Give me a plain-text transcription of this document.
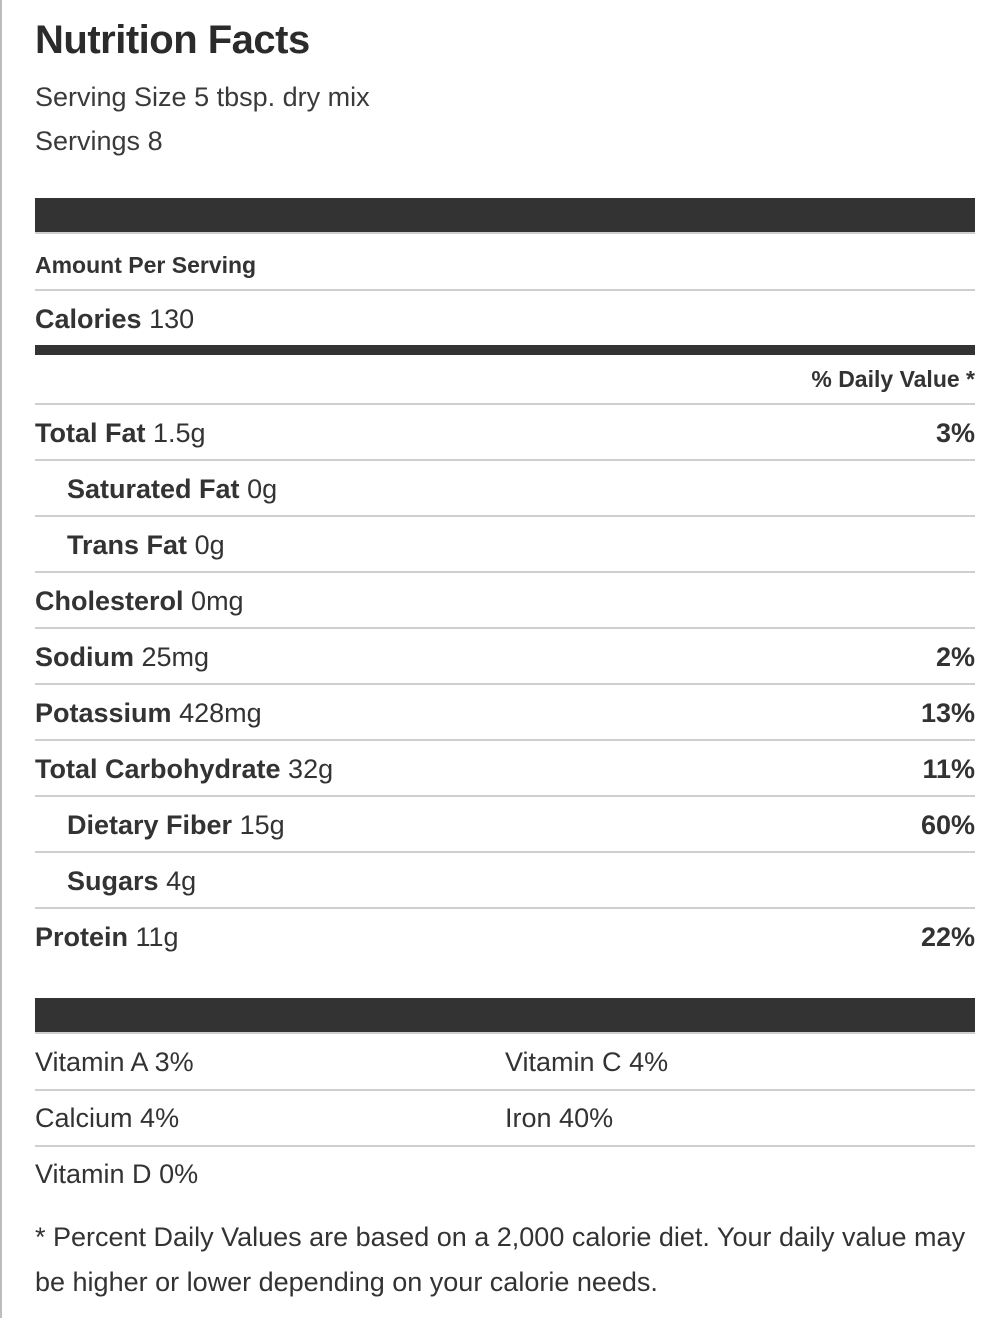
Nutrition Facts
Serving Size 5 tbsp. dry mix
Servings 8
Amount Per Serving
Calories 130
% Daily Value *
Total Fat 1.5g	3%
Saturated Fat 0g
Trans Fat 0g
Cholesterol 0mg
Sodium 25mg	2%
Potassium 428mg	13%
Total Carbohydrate 32g	11%
Dietary Fiber 15g	60%
Sugars 4g
Protein 11g	22%
Vitamin A 3%	Vitamin C 4%
Calcium 4%	Iron 40%
Vitamin D 0%
* Percent Daily Values are based on a 2,000 calorie diet. Your daily value may be higher or lower depending on your calorie needs.
